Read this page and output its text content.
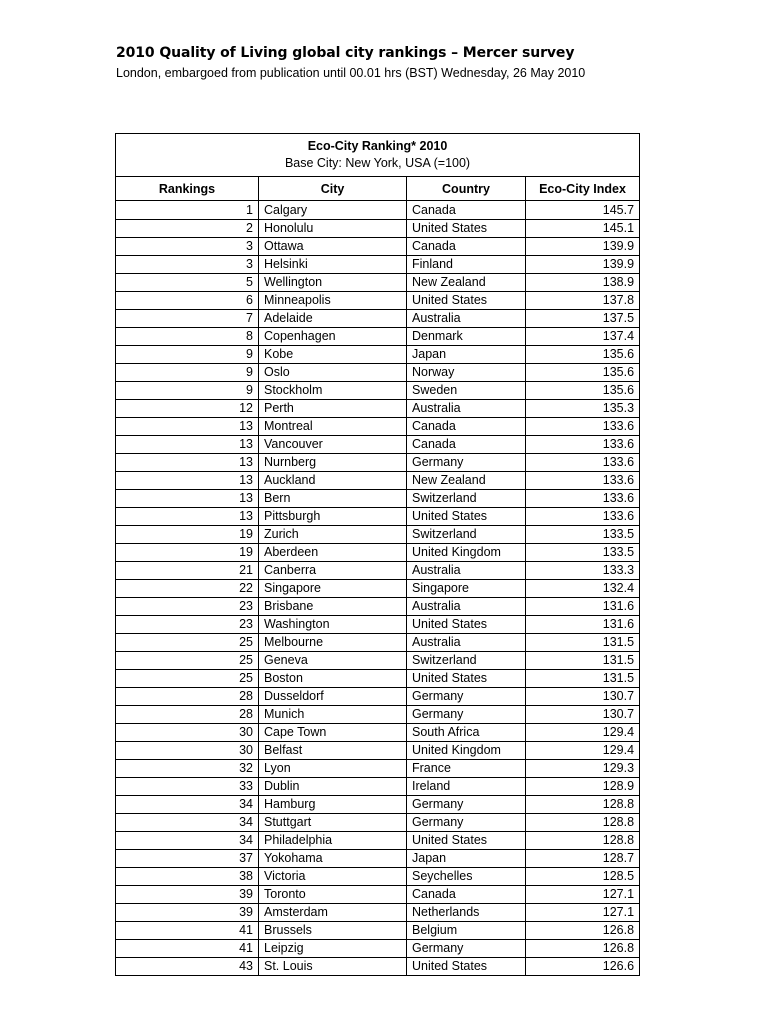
2010 Quality of Living global city rankings – Mercer survey
London, embargoed from publication until 00.01 hrs (BST) Wednesday, 26 May 2010
Eco-City Ranking* 2010
Base City: New York, USA (=100)			

Rankings	City	Country	Eco-City Index
1	Calgary	Canada	145.7
2	Honolulu	United States	145.1
3	Ottawa	Canada	139.9
3	Helsinki	Finland	139.9
5	Wellington	New Zealand	138.9
6	Minneapolis	United States	137.8
7	Adelaide	Australia	137.5
8	Copenhagen	Denmark	137.4
9	Kobe	Japan	135.6
9	Oslo	Norway	135.6
9	Stockholm	Sweden	135.6
12	Perth	Australia	135.3
13	Montreal	Canada	133.6
13	Vancouver	Canada	133.6
13	Nurnberg	Germany	133.6
13	Auckland	New Zealand	133.6
13	Bern	Switzerland	133.6
13	Pittsburgh	United States	133.6
19	Zurich	Switzerland	133.5
19	Aberdeen	United Kingdom	133.5
21	Canberra	Australia	133.3
22	Singapore	Singapore	132.4
23	Brisbane	Australia	131.6
23	Washington	United States	131.6
25	Melbourne	Australia	131.5
25	Geneva	Switzerland	131.5
25	Boston	United States	131.5
28	Dusseldorf	Germany	130.7
28	Munich	Germany	130.7
30	Cape Town	South Africa	129.4
30	Belfast	United Kingdom	129.4
32	Lyon	France	129.3
33	Dublin	Ireland	128.9
34	Hamburg	Germany	128.8
34	Stuttgart	Germany	128.8
34	Philadelphia	United States	128.8
37	Yokohama	Japan	128.7
38	Victoria	Seychelles	128.5
39	Toronto	Canada	127.1
39	Amsterdam	Netherlands	127.1
41	Brussels	Belgium	126.8
41	Leipzig	Germany	126.8
43	St. Louis	United States	126.6
